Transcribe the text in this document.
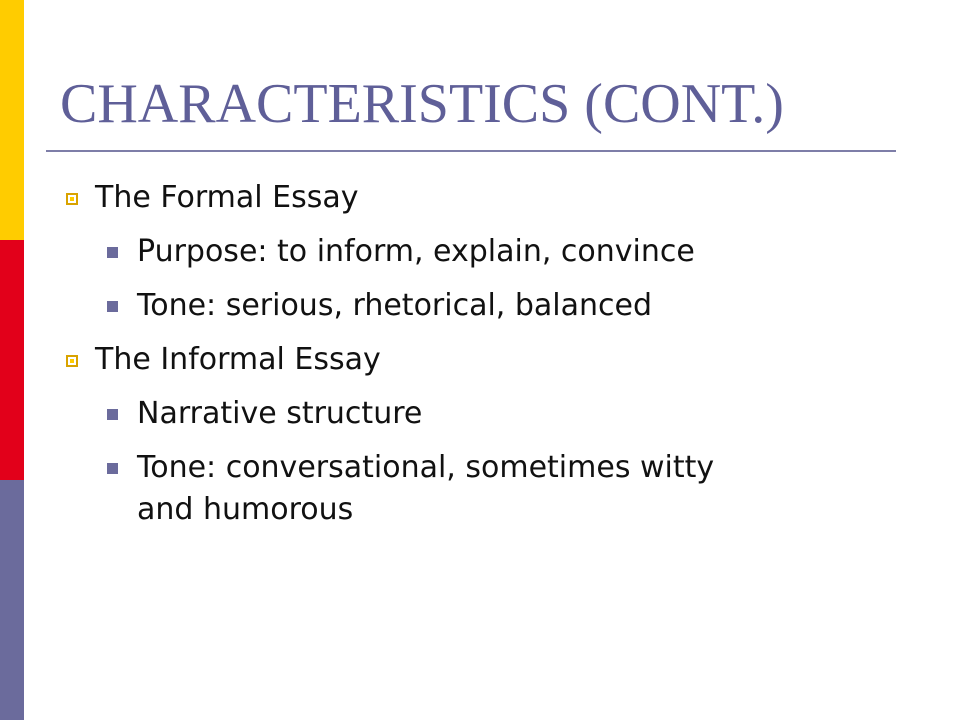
CHARACTERISTICS (CONT.)
The Formal Essay
Purpose: to inform, explain, convince
Tone: serious, rhetorical, balanced
The Informal Essay
Narrative structure
Tone: conversational, sometimes witty
and humorous
